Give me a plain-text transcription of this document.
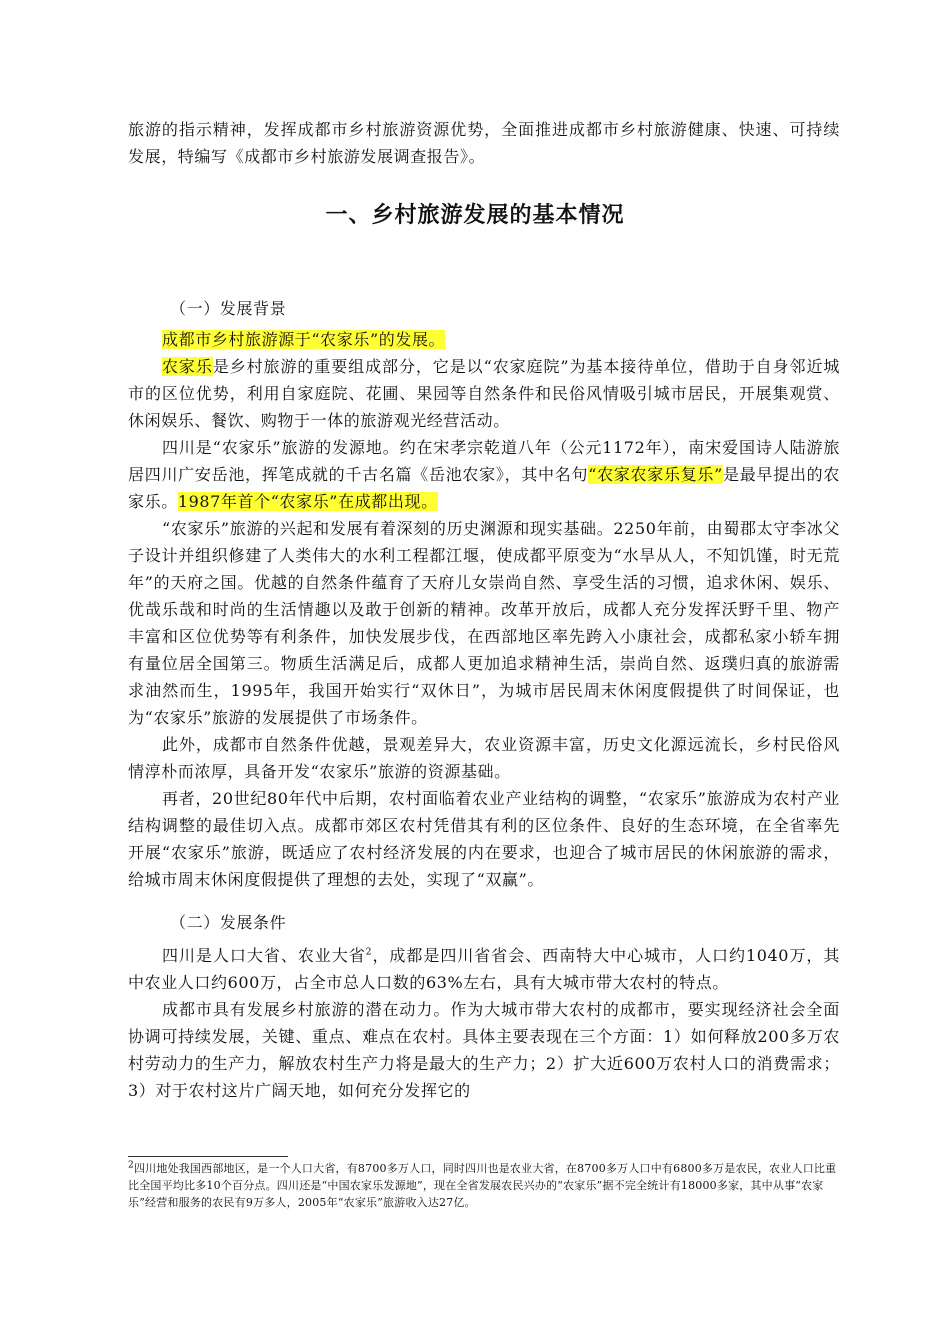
旅游的指示精神，发挥成都市乡村旅游资源优势，全面推进成都市乡村旅游健康、快速、可持续发展，特编写《成都市乡村旅游发展调查报告》。

一、乡村旅游发展的基本情况

（一）发展背景

成都市乡村旅游源于“农家乐”的发展。

农家乐是乡村旅游的重要组成部分，它是以“农家庭院”为基本接待单位，借助于自身邻近城市的区位优势，利用自家庭院、花圃、果园等自然条件和民俗风情吸引城市居民，开展集观赏、休闲娱乐、餐饮、购物于一体的旅游观光经营活动。

四川是“农家乐”旅游的发源地。约在宋孝宗乾道八年（公元1172年），南宋爱国诗人陆游旅居四川广安岳池，挥笔成就的千古名篇《岳池农家》，其中名句“农家农家乐复乐”是最早提出的农家乐。1987年首个“农家乐”在成都出现。

“农家乐”旅游的兴起和发展有着深刻的历史渊源和现实基础。2250年前，由蜀郡太守李冰父子设计并组织修建了人类伟大的水利工程都江堰，使成都平原变为“水旱从人，不知饥馑，时无荒年”的天府之国。优越的自然条件蕴育了天府儿女崇尚自然、享受生活的习惯，追求休闲、娱乐、优哉乐哉和时尚的生活情趣以及敢于创新的精神。改革开放后，成都人充分发挥沃野千里、物产丰富和区位优势等有利条件，加快发展步伐，在西部地区率先跨入小康社会，成都私家小轿车拥有量位居全国第三。物质生活满足后，成都人更加追求精神生活，崇尚自然、返璞归真的旅游需求油然而生，1995年，我国开始实行“双休日”，为城市居民周末休闲度假提供了时间保证，也为“农家乐”旅游的发展提供了市场条件。

此外，成都市自然条件优越，景观差异大，农业资源丰富，历史文化源远流长，乡村民俗风情淳朴而浓厚，具备开发“农家乐”旅游的资源基础。

再者，20世纪80年代中后期，农村面临着农业产业结构的调整，“农家乐”旅游成为农村产业结构调整的最佳切入点。成都市郊区农村凭借其有利的区位条件、良好的生态环境，在全省率先开展“农家乐”旅游，既适应了农村经济发展的内在要求，也迎合了城市居民的休闲旅游的需求，给城市周末休闲度假提供了理想的去处，实现了“双赢”。

（二）发展条件

四川是人口大省、农业大省$^2$，成都是四川省省会、西南特大中心城市，人口约1040万，其中农业人口约600万，占全市总人口数的63%左右，具有大城市带大农村的特点。

成都市具有发展乡村旅游的潜在动力。作为大城市带大农村的成都市，要实现经济社会全面协调可持续发展，关键、重点、难点在农村。具体主要表现在三个方面：1）如何释放200多万农村劳动力的生产力，解放农村生产力将是最大的生产力；2）扩大近600万农村人口的消费需求；3）对于农村这片广阔天地，如何充分发挥它的

$^2$四川地处我国西部地区，是一个人口大省，有8700多万人口，同时四川也是农业大省，在8700多万人口中有6800多万是农民，农业人口比重比全国平均比多10个百分点。四川还是“中国农家乐发源地”，现在全省发展农民兴办的“农家乐”据不完全统计有18000多家，其中从事“农家乐”经营和服务的农民有9万多人，2005年“农家乐”旅游收入达27亿。
